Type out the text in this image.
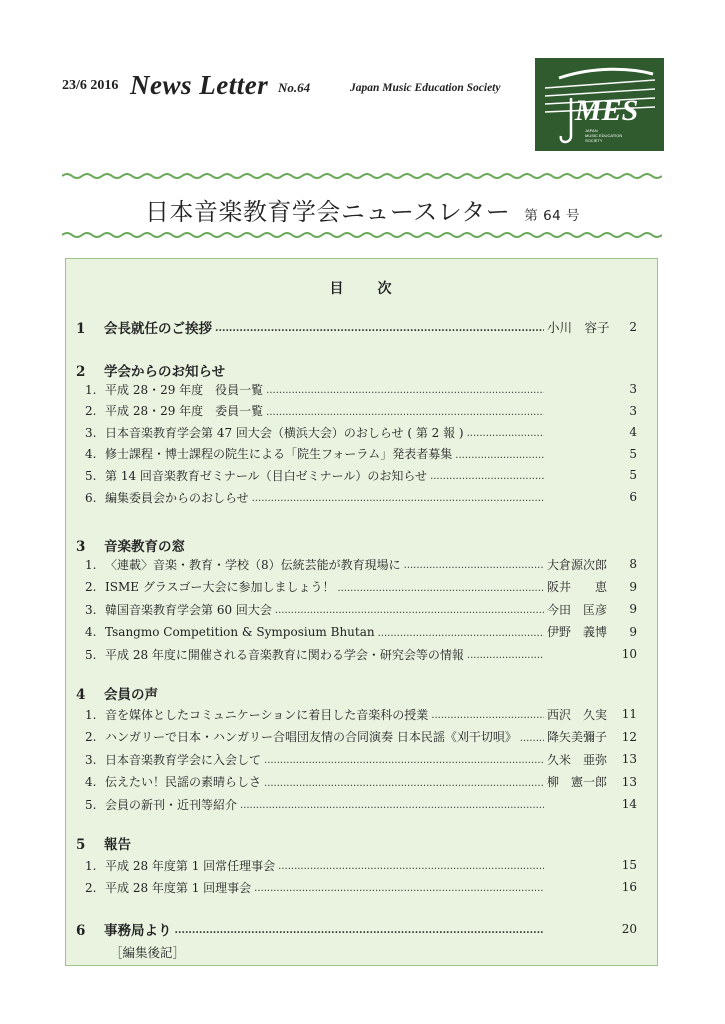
23/6 2016 News Letter No.64	Japan Music Education Society
MES
JAPAN
MUSIC EDUCATION
SOCIETY
日本音楽教育学会ニュースレター 第 64 号
目次
1 会長就任のご挨拶 .....	小川　容子	2
2 学会からのお知らせ
1. 平成 28・29 年度　役員一覧 .....	3
2. 平成 28・29 年度　委員一覧 .....	3
3. 日本音楽教育学会第 47 回大会（横浜大会）のおしらせ ( 第 2 報 ) .....	4
4. 修士課程・博士課程の院生による「院生フォーラム」発表者募集 .....	5
5. 第 14 回音楽教育ゼミナール（目白ゼミナール）のお知らせ .....	5
6. 編集委員会からのおしらせ .....	6
3 音楽教育の窓
1. 〈連載〉音楽・教育・学校（8）伝統芸能が教育現場に .....	大倉源次郎	8
2. ISME グラスゴー大会に参加しましょう！ .....	阪井　　恵	9
3. 韓国音楽教育学会第 60 回大会 .....	今田　匡彦	9
4. Tsangmo Competition & Symposium Bhutan .....	伊野　義博	9
5. 平成 28 年度に開催される音楽教育に関わる学会・研究会等の情報 .....	10
4 会員の声
1. 音を媒体としたコミュニケーションに着目した音楽科の授業 .....	西沢　久実	11
2. ハンガリーで日本・ハンガリー合唱団友情の合同演奏 日本民謡《刈干切唄》 .....	降矢美彌子	12
3. 日本音楽教育学会に入会して .....	久米　亜弥	13
4. 伝えたい！民謡の素晴らしさ .....	柳　憲一郎	13
5. 会員の新刊・近刊等紹介 .....	14
5 報告
1. 平成 28 年度第 1 回常任理事会 .....	15
2. 平成 28 年度第 1 回理事会 .....	16
6 事務局より .....	20
［編集後記］
